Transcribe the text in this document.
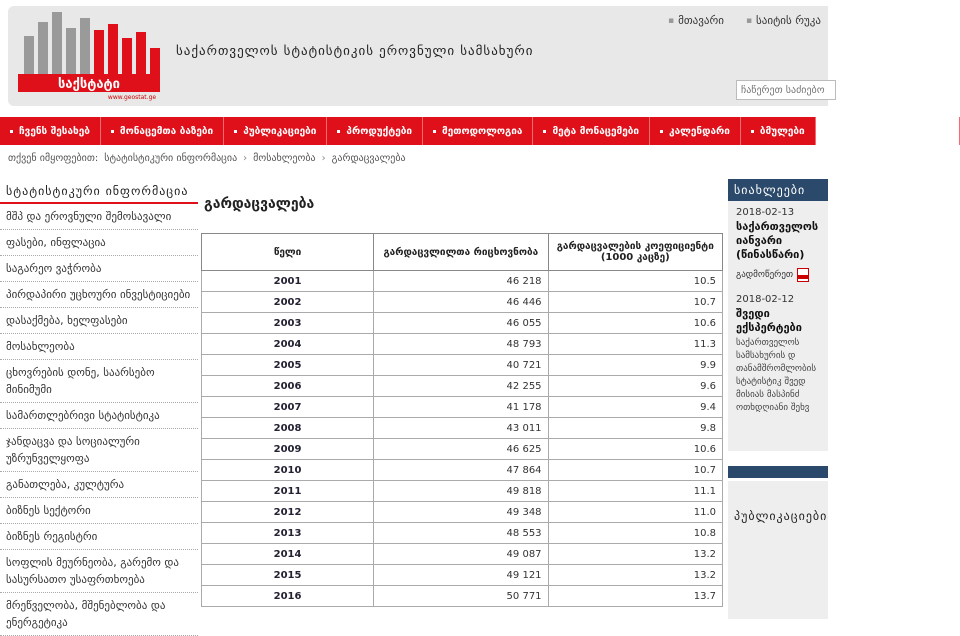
საქსტატი
www.geostat.ge
საქართველოს სტატისტიკის ეროვნული სამსახური
▪ მთავარი ▪ საიტის რუკა
ჩაწერეთ საძიებო
ჩვენს შესახებ	მონაცემთა ბაზები	პუბლიკაციები	პროდუქტები	მეთოდოლოგია	მეტა მონაცემები	კალენდარი	ბმულები	მომხმარებლებისთვის
თქვენ იმყოფებით: სტატისტიკური ინფორმაცია › მოსახლეობა › გარდაცვალება
სტატისტიკური ინფორმაცია
მშპ და ეროვნული შემოსავალი
ფასები, ინფლაცია
საგარეო ვაჭრობა
პირდაპირი უცხოური ინვესტიციები
დასაქმება, ხელფასები
მოსახლეობა
ცხოვრების დონე, საარსებო მინიმუმი
სამართლებრივი სტატისტიკა
ჯანდაცვა და სოციალური უზრუნველყოფა
განათლება, კულტურა
ბიზნეს სექტორი
ბიზნეს რეგისტრი
სოფლის მეურნეობა, გარემო და სასურსათო უსაფრთხოება
მრეწველობა, მშენებლობა და ენერგეტიკა
გარდაცვალება
წელი	გარდაცვლილთა რიცხოვნობა	გარდაცვალების კოეფიციენტი (1000 კაცზე)
2001	46 218	10.5
2002	46 446	10.7
2003	46 055	10.6
2004	48 793	11.3
2005	40 721	9.9
2006	42 255	9.6
2007	41 178	9.4
2008	43 011	9.8
2009	46 625	10.6
2010	47 864	10.7
2011	49 818	11.1
2012	49 348	11.0
2013	48 553	10.8
2014	49 087	13.2
2015	49 121	13.2
2016	50 771	13.7
სიახლეები
2018-02-13
საქართველოს იანვარი (წინასწარი)
გადმოწერეთ
2018-02-12
შვედი ექსპერტები
საქართველოს სამსახურის დ თანამშრომლობის სტატისტიკ შვედ მისიას მასპინძ ოთხდღიანი შეხვ
პუბლიკაციები
